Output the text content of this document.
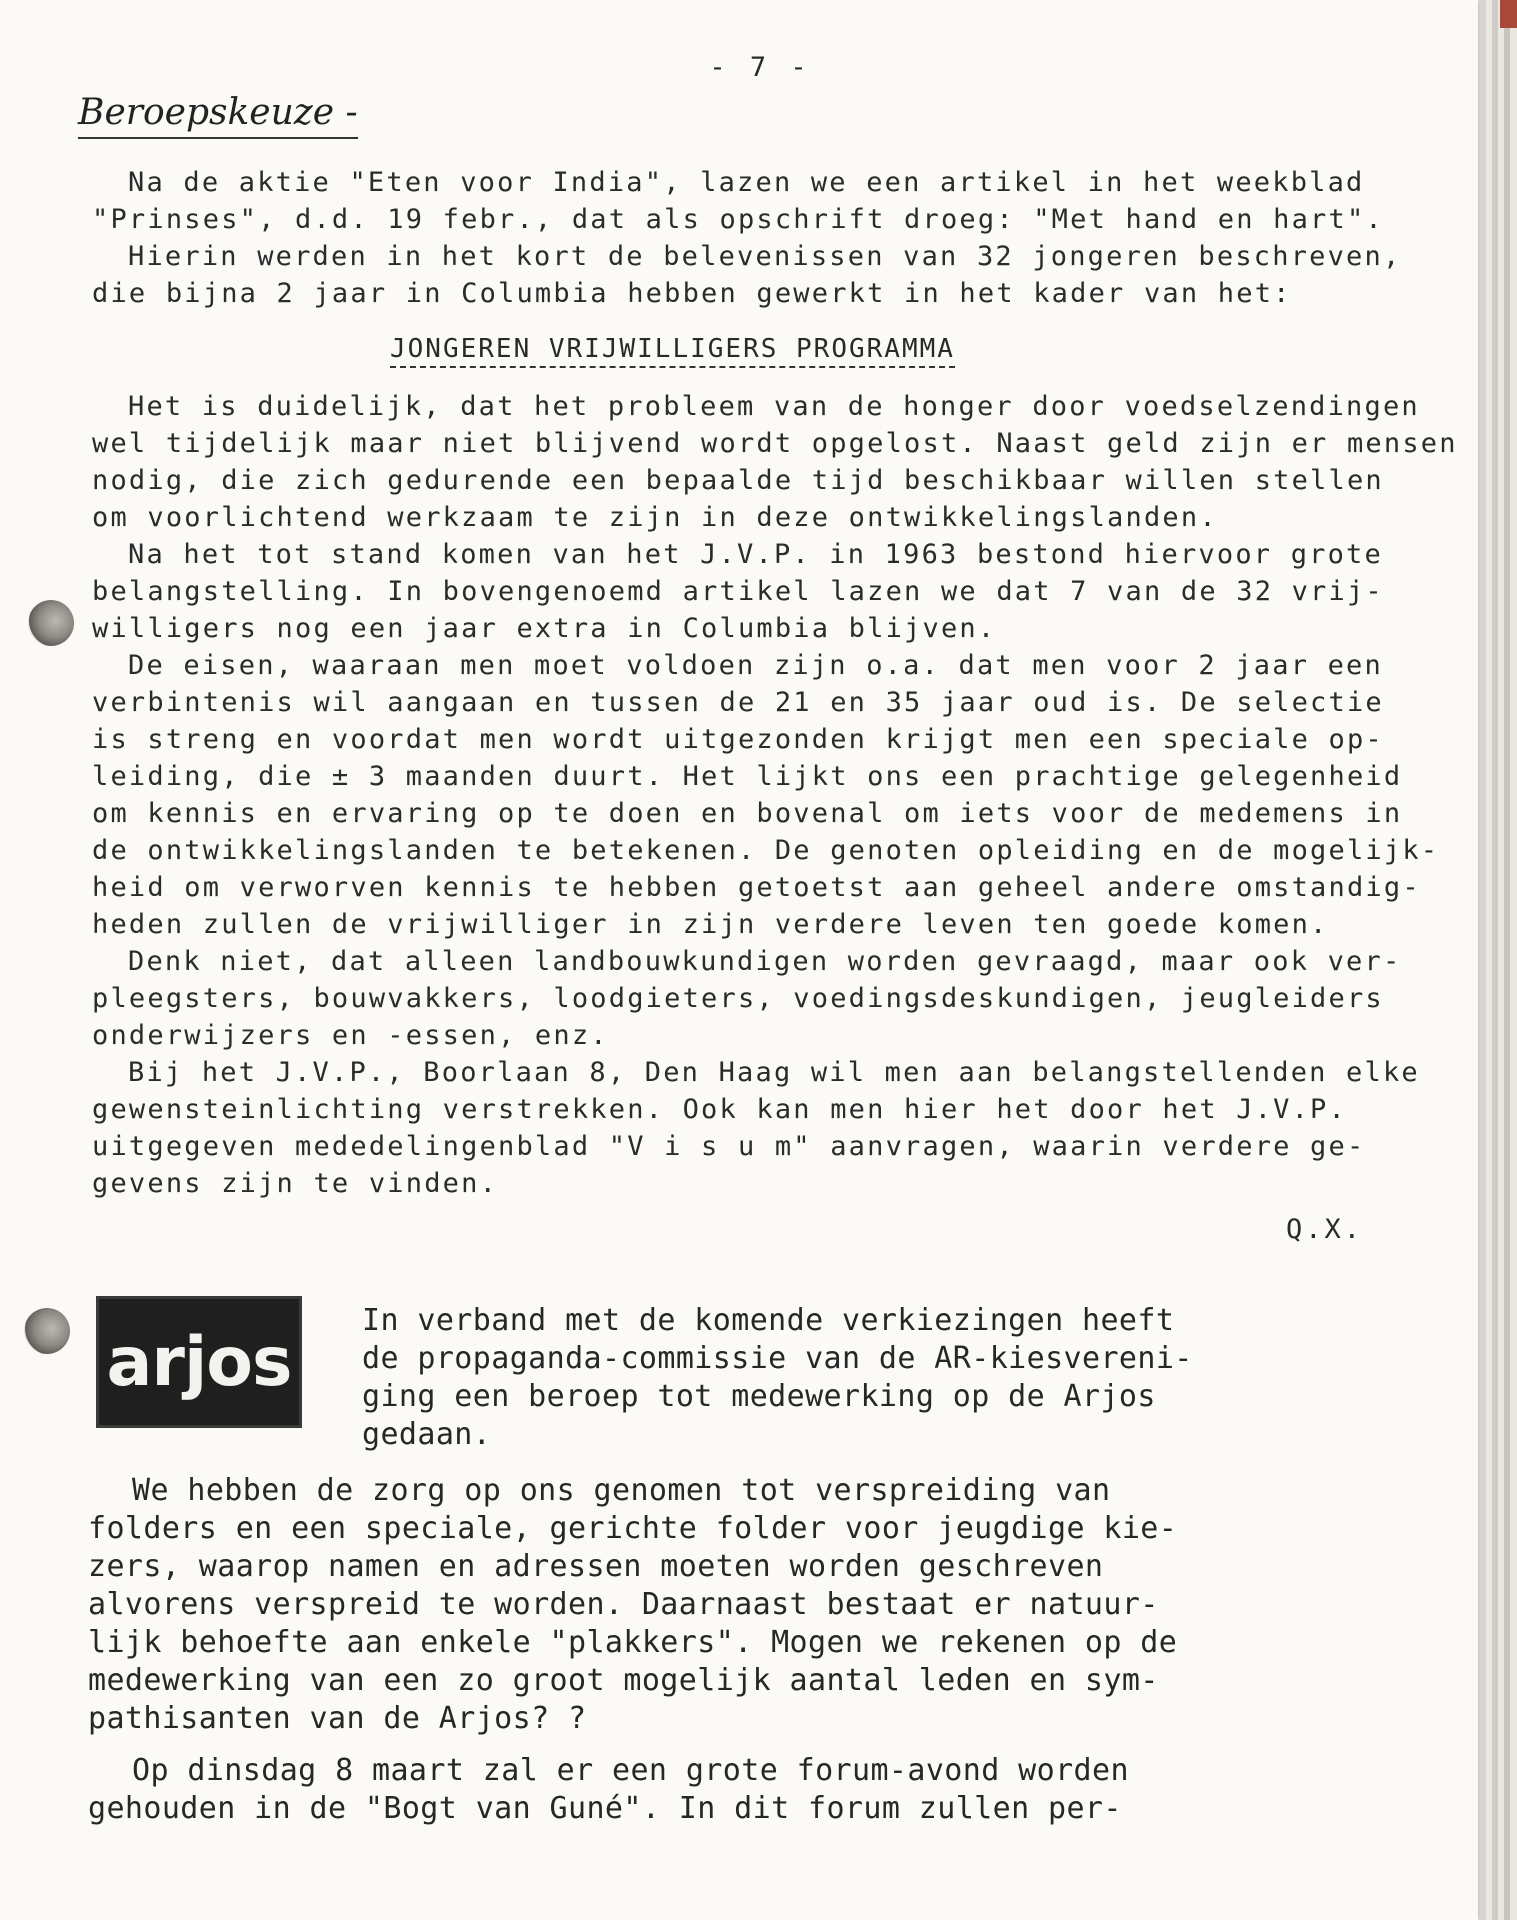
- 7 -
Beroepskeuze -
Na de aktie "Eten voor India", lazen we een artikel in het weekblad
"Prinses", d.d. 19 febr., dat als opschrift droeg: "Met hand en hart".
Hierin werden in het kort de belevenissen van 32 jongeren beschreven,
die bijna 2 jaar in Columbia hebben gewerkt in het kader van het:
JONGEREN VRIJWILLIGERS PROGRAMMA
Het is duidelijk, dat het probleem van de honger door voedselzendingen
wel tijdelijk maar niet blijvend wordt opgelost. Naast geld zijn er mensen
nodig, die zich gedurende een bepaalde tijd beschikbaar willen stellen
om voorlichtend werkzaam te zijn in deze ontwikkelingslanden.
Na het tot stand komen van het J.V.P. in 1963 bestond hiervoor grote
belangstelling. In bovengenoemd artikel lazen we dat 7 van de 32 vrij-
willigers nog een jaar extra in Columbia blijven.
De eisen, waaraan men moet voldoen zijn o.a. dat men voor 2 jaar een
verbintenis wil aangaan en tussen de 21 en 35 jaar oud is. De selectie
is streng en voordat men wordt uitgezonden krijgt men een speciale op-
leiding, die ± 3 maanden duurt. Het lijkt ons een prachtige gelegenheid
om kennis en ervaring op te doen en bovenal om iets voor de medemens in
de ontwikkelingslanden te betekenen. De genoten opleiding en de mogelijk-
heid om verworven kennis te hebben getoetst aan geheel andere omstandig-
heden zullen de vrijwilliger in zijn verdere leven ten goede komen.
Denk niet, dat alleen landbouwkundigen worden gevraagd, maar ook ver-
pleegsters, bouwvakkers, loodgieters, voedingsdeskundigen, jeugleiders
onderwijzers en -essen, enz.
Bij het J.V.P., Boorlaan 8, Den Haag wil men aan belangstellenden elke
gewensteinlichting verstrekken. Ook kan men hier het door het J.V.P.
uitgegeven mededelingenblad "V i s u m" aanvragen, waarin verdere ge-
gevens zijn te vinden.
Q.X.
arjos
In verband met de komende verkiezingen heeft
de propaganda-commissie van de AR-kiesvereni-
ging een beroep tot medewerking op de Arjos
gedaan.
We hebben de zorg op ons genomen tot verspreiding van
folders en een speciale, gerichte folder voor jeugdige kie-
zers, waarop namen en adressen moeten worden geschreven
alvorens verspreid te worden. Daarnaast bestaat er natuur-
lijk behoefte aan enkele "plakkers". Mogen we rekenen op de
medewerking van een zo groot mogelijk aantal leden en sym-
pathisanten van de Arjos? ?
Op dinsdag 8 maart zal er een grote forum-avond worden
gehouden in de "Bogt van Guné". In dit forum zullen per-
